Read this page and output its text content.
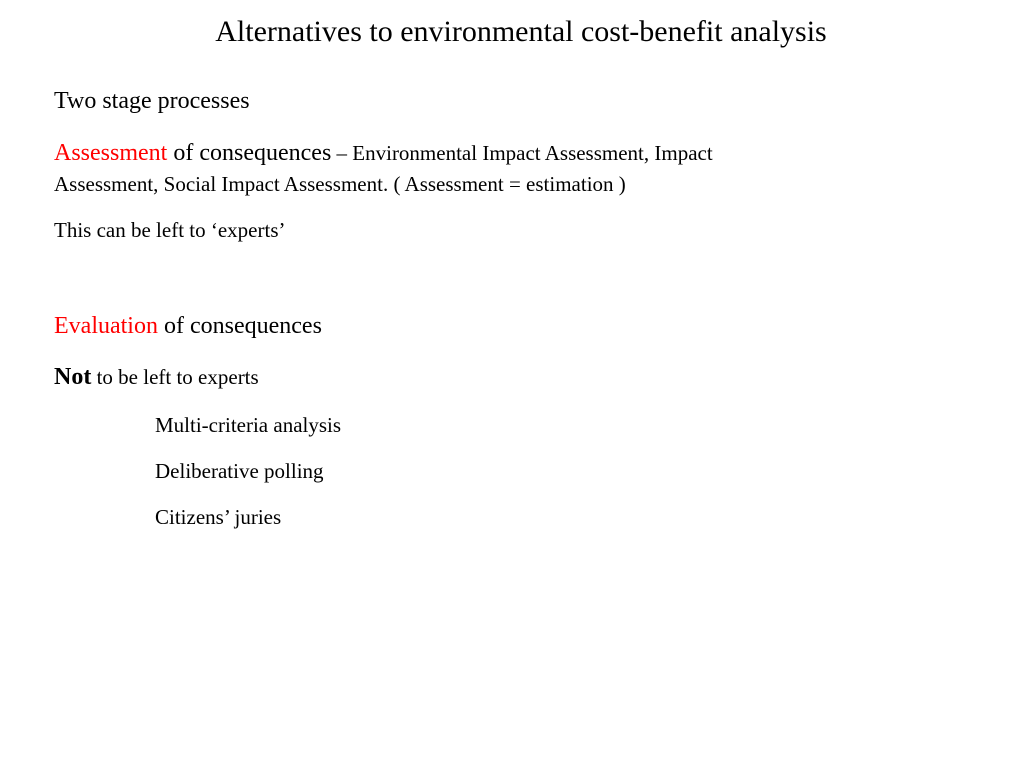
Alternatives to environmental cost-benefit analysis
Two stage processes
Assessment of consequences – Environmental Impact Assessment, Impact
Assessment, Social Impact Assessment. ( Assessment = estimation )
This can be left to ‘experts’
Evaluation of consequences
Not to be left to experts
Multi-criteria analysis
Deliberative polling
Citizens’ juries
